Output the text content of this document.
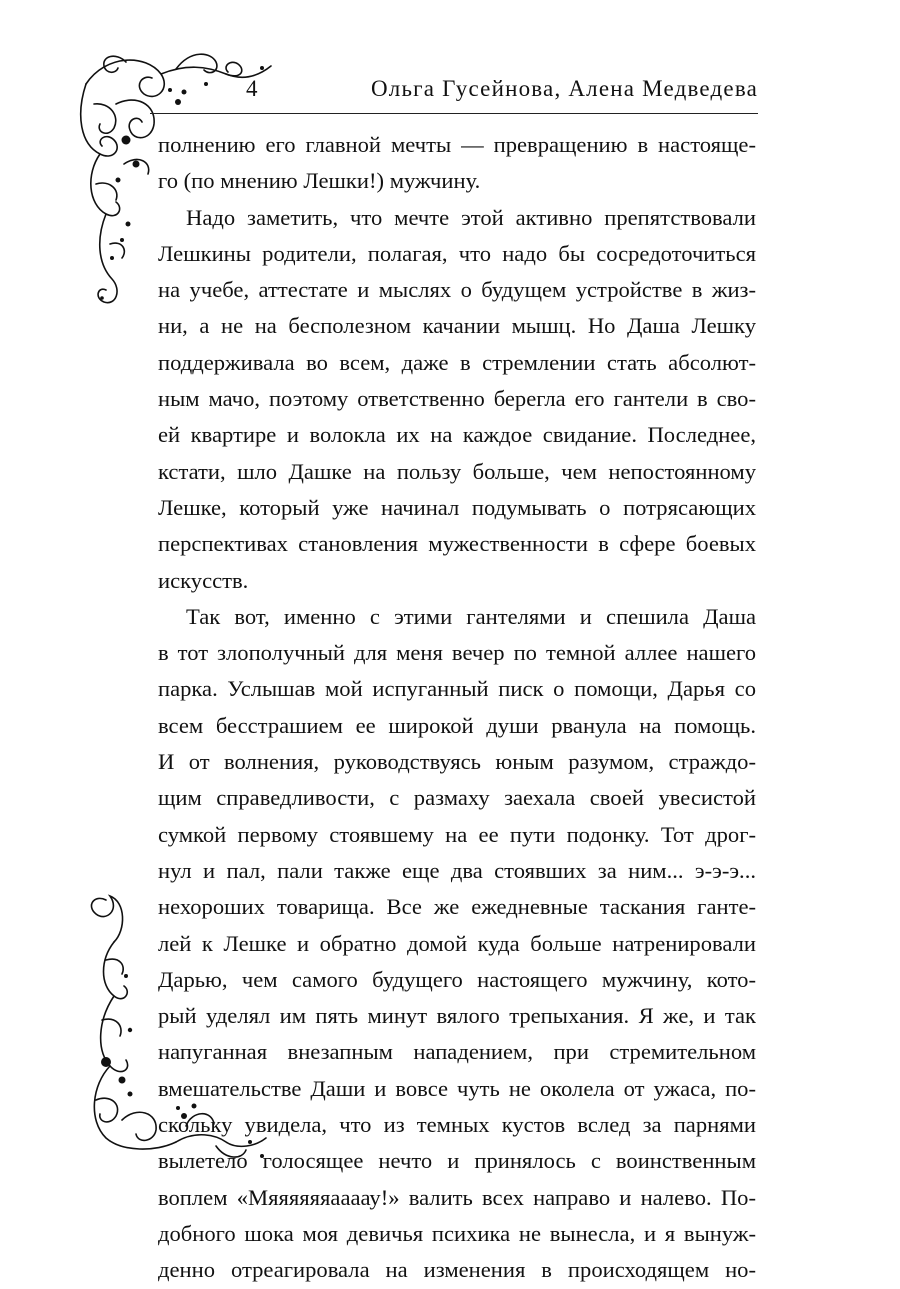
4	Ольга Гусейнова, Алена Медведева

полнению его главной мечты — превращению в настояще-
го (по мнению Лешки!) мужчину.

Надо заметить, что мечте этой активно препятствовали
Лешкины родители, полагая, что надо бы сосредоточиться
на учебе, аттестате и мыслях о будущем устройстве в жиз-
ни, а не на бесполезном качании мышц. Но Даша Лешку
поддерживала во всем, даже в стремлении стать абсолют-
ным мачо, поэтому ответственно берегла его гантели в сво-
ей квартире и волокла их на каждое свидание. Последнее,
кстати, шло Дашке на пользу больше, чем непостоянному
Лешке, который уже начинал подумывать о потрясающих
перспективах становления мужественности в сфере боевых
искусств.

Так вот, именно с этими гантелями и спешила Даша
в тот злополучный для меня вечер по темной аллее нашего
парка. Услышав мой испуганный писк о помощи, Дарья со
всем бесстрашием ее широкой души рванула на помощь.
И от волнения, руководствуясь юным разумом, страждо-
щим справедливости, с размаху заехала своей увесистой
сумкой первому стоявшему на ее пути подонку. Тот дрог-
нул и пал, пали также еще два стоявших за ним... э-э-э...
нехороших товарища. Все же ежедневные таскания ганте-
лей к Лешке и обратно домой куда больше натренировали
Дарью, чем самого будущего настоящего мужчину, кото-
рый уделял им пять минут вялого трепыхания. Я же, и так
напуганная внезапным нападением, при стремительном
вмешательстве Даши и вовсе чуть не околела от ужаса, по-
скольку увидела, что из темных кустов вслед за парнями
вылетело голосящее нечто и принялось с воинственным
воплем «Мяяяяяяаааау!» валить всех направо и налево. По-
добного шока моя девичья психика не вынесла, и я вынуж-
денно отреагировала на изменения в происходящем но-
